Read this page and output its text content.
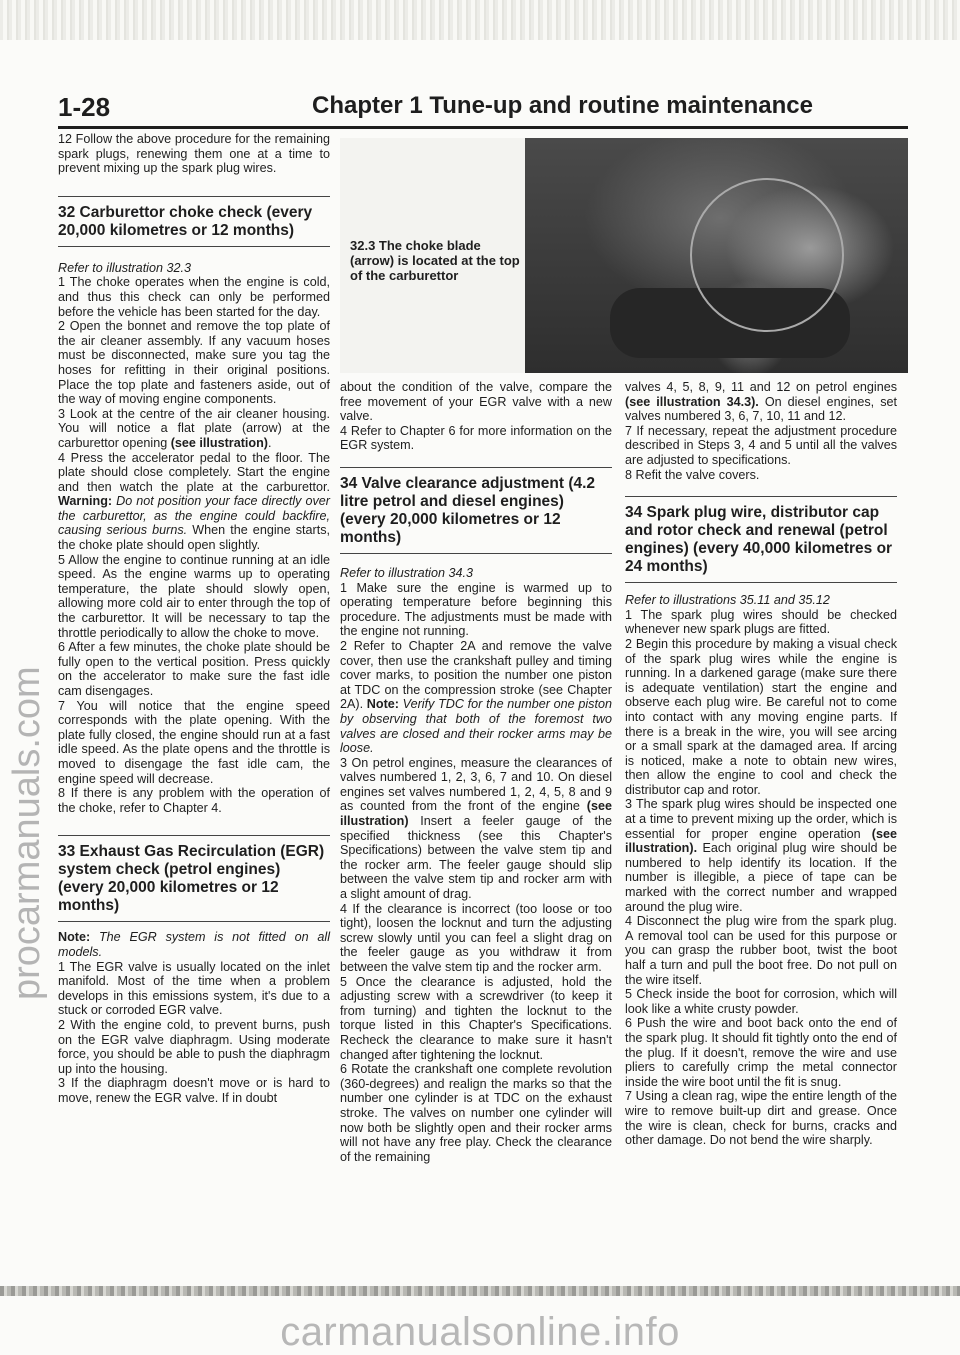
1-28	Chapter 1 Tune-up and routine maintenance
32.3 The choke blade (arrow) is located at the top of the carburettor

12 Follow the above procedure for the remaining spark plugs, renewing them one at a time to prevent mixing up the spark plug wires.

32 Carburettor choke check (every 20,000 kilometres or 12 months)

Refer to illustration 32.3

1 The choke operates when the engine is cold, and thus this check can only be performed before the vehicle has been started for the day.

2 Open the bonnet and remove the top plate of the air cleaner assembly. If any vacuum hoses must be disconnected, make sure you tag the hoses for refitting in their original positions. Place the top plate and fasteners aside, out of the way of moving engine components.

3 Look at the centre of the air cleaner housing. You will notice a flat plate (arrow) at the carburettor opening (see illustration).

4 Press the accelerator pedal to the floor. The plate should close completely. Start the engine and then watch the plate at the carburettor. Warning: Do not position your face directly over the carburettor, as the engine could backfire, causing serious burns. When the engine starts, the choke plate should open slightly.

5 Allow the engine to continue running at an idle speed. As the engine warms up to operating temperature, the plate should slowly open, allowing more cold air to enter through the top of the carburettor. It will be necessary to tap the throttle periodically to allow the choke to move.

6 After a few minutes, the choke plate should be fully open to the vertical position. Press quickly on the accelerator to make sure the fast idle cam disengages.

7 You will notice that the engine speed corresponds with the plate opening. With the plate fully closed, the engine should run at a fast idle speed. As the plate opens and the throttle is moved to disengage the fast idle cam, the engine speed will decrease.

8 If there is any problem with the operation of the choke, refer to Chapter 4.

33 Exhaust Gas Recirculation (EGR) system check (petrol engines) (every 20,000 kilometres or 12 months)

Note: The EGR system is not fitted on all models.

1 The EGR valve is usually located on the inlet manifold. Most of the time when a problem develops in this emissions system, it's due to a stuck or corroded EGR valve.

2 With the engine cold, to prevent burns, push on the EGR valve diaphragm. Using moderate force, you should be able to push the diaphragm up into the housing.

3 If the diaphragm doesn't move or is hard to move, renew the EGR valve. If in doubt

about the condition of the valve, compare the free movement of your EGR valve with a new valve.

4 Refer to Chapter 6 for more information on the EGR system.

34 Valve clearance adjustment (4.2 litre petrol and diesel engines) (every 20,000 kilometres or 12 months)

Refer to illustration 34.3

1 Make sure the engine is warmed up to operating temperature before beginning this procedure. The adjustments must be made with the engine not running.

2 Refer to Chapter 2A and remove the valve cover, then use the crankshaft pulley and timing cover marks, to position the number one piston at TDC on the compression stroke (see Chapter 2A). Note: Verify TDC for the number one piston by observing that both of the foremost two valves are closed and their rocker arms may be loose.

3 On petrol engines, measure the clearances of valves numbered 1, 2, 3, 6, 7 and 10. On diesel engines set valves numbered 1, 2, 4, 5, 8 and 9 as counted from the front of the engine (see illustration) Insert a feeler gauge of the specified thickness (see this Chapter's Specifications) between the valve stem tip and the rocker arm. The feeler gauge should slip between the valve stem tip and rocker arm with a slight amount of drag.

4 If the clearance is incorrect (too loose or too tight), loosen the locknut and turn the adjusting screw slowly until you can feel a slight drag on the feeler gauge as you withdraw it from between the valve stem tip and the rocker arm.

5 Once the clearance is adjusted, hold the adjusting screw with a screwdriver (to keep it from turning) and tighten the locknut to the torque listed in this Chapter's Specifications. Recheck the clearance to make sure it hasn't changed after tightening the locknut.

6 Rotate the crankshaft one complete revolution (360-degrees) and realign the marks so that the number one cylinder is at TDC on the exhaust stroke. The valves on number one cylinder will now both be slightly open and their rocker arms will not have any free play. Check the clearance of the remaining

valves 4, 5, 8, 9, 11 and 12 on petrol engines (see illustration 34.3). On diesel engines, set valves numbered 3, 6, 7, 10, 11 and 12.

7 If necessary, repeat the adjustment procedure described in Steps 3, 4 and 5 until all the valves are adjusted to specifications.

8 Refit the valve covers.

34 Spark plug wire, distributor cap and rotor check and renewal (petrol engines) (every 40,000 kilometres or 24 months)

Refer to illustrations 35.11 and 35.12

1 The spark plug wires should be checked whenever new spark plugs are fitted.

2 Begin this procedure by making a visual check of the spark plug wires while the engine is running. In a darkened garage (make sure there is adequate ventilation) start the engine and observe each plug wire. Be careful not to come into contact with any moving engine parts. If there is a break in the wire, you will see arcing or a small spark at the damaged area. If arcing is noticed, make a note to obtain new wires, then allow the engine to cool and check the distributor cap and rotor.

3 The spark plug wires should be inspected one at a time to prevent mixing up the order, which is essential for proper engine operation (see illustration). Each original plug wire should be numbered to help identify its location. If the number is illegible, a piece of tape can be marked with the correct number and wrapped around the plug wire.

4 Disconnect the plug wire from the spark plug. A removal tool can be used for this purpose or you can grasp the rubber boot, twist the boot half a turn and pull the boot free. Do not pull on the wire itself.

5 Check inside the boot for corrosion, which will look like a white crusty powder.

6 Push the wire and boot back onto the end of the spark plug. It should fit tightly onto the end of the plug. If it doesn't, remove the wire and use pliers to carefully crimp the metal connector inside the wire boot until the fit is snug.

7 Using a clean rag, wipe the entire length of the wire to remove built-up dirt and grease. Once the wire is clean, check for burns, cracks and other damage. Do not bend the wire sharply.

procarmanuals.com
carmanualsonline.info
